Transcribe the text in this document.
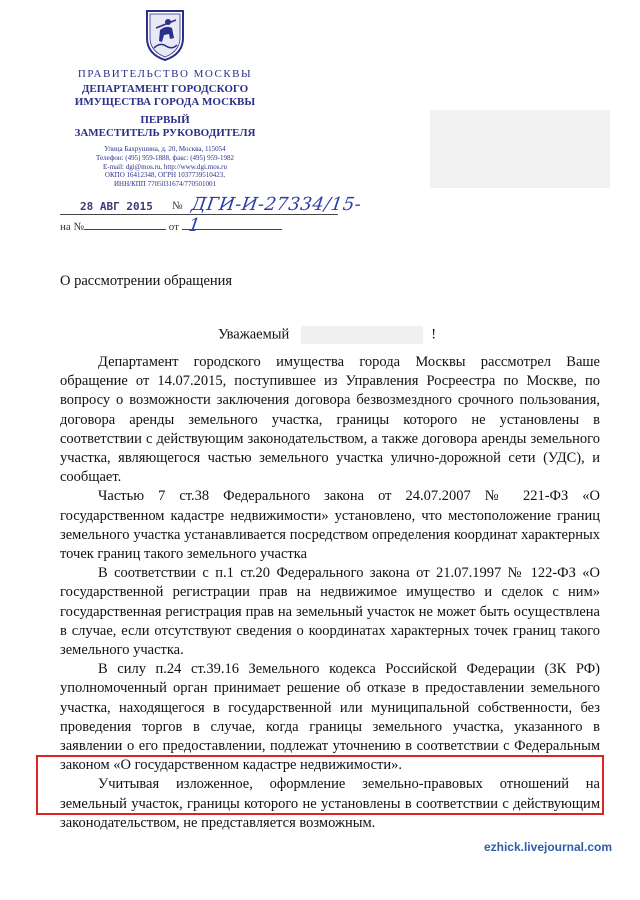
ПРАВИТЕЛЬСТВО МОСКВЫ
ДЕПАРТАМЕНТ ГОРОДСКОГО
ИМУЩЕСТВА ГОРОДА МОСКВЫ
ПЕРВЫЙ
ЗАМЕСТИТЕЛЬ РУКОВОДИТЕЛЯ
Улица Бахрушина, д. 20, Москва, 115054
Телефон: (495) 959-1888, факс: (495) 959-1982
E-mail: dgi@mos.ru, http://www.dgi.mos.ru
ОКПО 16412348, ОГРН 1037739510423,
ИНН/КПП 7705031674/770501001
28 АВГ 2015 № ДГИ-И-27334/15-1
на №	от
О рассмотрении обращения
Уважаемый	!

Департамент городского имущества города Москвы рассмотрел Ваше обращение от 14.07.2015, поступившее из Управления Росреестра по Москве, по вопросу о возможности заключения договора безвозмездного срочного пользования, договора аренды земельного участка, границы которого не установлены в соответствии с действующим законодательством, а также договора аренды земельного участка, являющегося частью земельного участка улично-дорожной сети (УДС), и сообщает.

Частью 7 ст.38 Федерального закона от 24.07.2007 № 221-ФЗ «О государственном кадастре недвижимости» установлено, что местоположение границ земельного участка устанавливается посредством определения координат характерных точек границ такого земельного участка

В соответствии с п.1 ст.20 Федерального закона от 21.07.1997 № 122-ФЗ «О государственной регистрации прав на недвижимое имущество и сделок с ним» государственная регистрация прав на земельный участок не может быть осуществлена в случае, если отсутствуют сведения о координатах характерных точек границ такого земельного участка.

В силу п.24 ст.39.16 Земельного кодекса Российской Федерации (ЗК РФ) уполномоченный орган принимает решение об отказе в предоставлении земельного участка, находящегося в государственной или муниципальной собственности, без проведения торгов в случае, когда границы земельного участка, указанного в заявлении о его предоставлении, подлежат уточнению в соответствии с Федеральным законом «О государственном кадастре недвижимости».

Учитывая изложенное, оформление земельно-правовых отношений на земельный участок, границы которого не установлены в соответствии с действующим законодательством, не представляется возможным.

ezhick.livejournal.com
